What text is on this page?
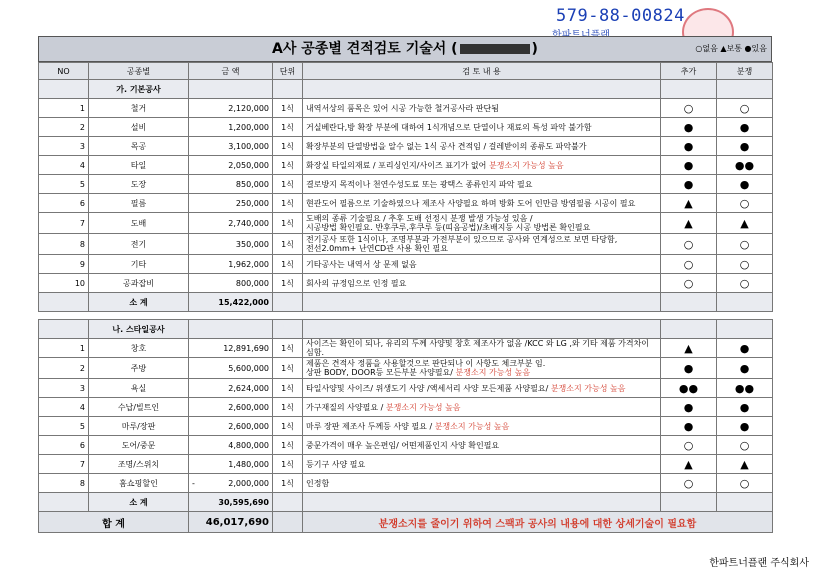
579-88-00824
A사 공종별 견적검토 기술서 (	)	○없음 ▲보통 ●있음
NO	공종별	금 액	단위	검 토 내 용	추가	분쟁
	가. 기본공사					
1	철거	2,120,000	1식	내역서상의 품목은 있어 시공 가능한 철거공사라 판단됨	○	○
2	설비	1,200,000	1식	거실베란다,방 확장 부분에 대하여 1식개념으로 단열이나 재료의 특성 파악 불가함	●	●
3	목공	3,100,000	1식	확장부분의 단열방법을 알수 없는 1식 공사 견적임 / 걸레받이의 종류도 파악불가	●	●
4	타일	2,050,000	1식	화장실 타일의재료 / 포리싱인지/사이즈 표기가 없어 분쟁소지 가능성 높음	●	●●
5	도장	850,000	1식	결로방지 목적이나 천연수성도료 또는 광택스 종류인지 파악 필요	●	●
6	필름	250,000	1식	현관도어 필름으로 기술하였으나 제조사 사양필요 하며 방화 도어 인만큼 방염필름 시공이 필요	▲	○
7	도배	2,740,000	1식	도배의 종류 기술필요 / 추후 도배 선정시 분쟁 발생 가능성 있음 /
시공방법 확인필요. 반후쿠루,후쿠루 등(띠음공법)/초배지등 시공 방법론 확인필요	▲	▲
8	전기	350,000	1식	전기공사 또한 1식이나, 조명부분과 가전부분이 있으므로 공사와 연계성으로 보면 타당함,
전선2.0mm+ 난연CD관 사용 확인 필요	○	○
9	기타	1,962,000	1식	기타공사는 내역서 상 문제 없음	○	○
10	공과잡비	800,000	1식	회사의 규정임으로 인정 필요	○	○
	소 계	15,422,000				

	나. 스타일공사					
1	창호	12,891,690	1식	사이즈는 확인이 되나, 유리의 두께 사양및 창호 제조사가 없음 /KCC 와 LG ,와 기타 제품 가격차이 심함.	▲	●
2	주방	5,600,000	1식	제품은 견적사 정품을 사용할것으로 판단되나 이 사항도 체크부분 임.
상판 BODY, DOOR등 모든부분 사양필요/ 분쟁소지 가능성 높음	●	●
3	욕실	2,624,000	1식	타일사양및 사이즈/ 위생도기 사양 /액세서리 사양 모든제품 사양필요/ 분쟁소지 가능성 높음	●●	●●
4	수납/빌트인	2,600,000	1식	가구재질의 사양필요 / 분쟁소지 가능성 높음	●	●
5	마루/장판	2,600,000	1식	마루 장판 제조사 두께등 사양 필요 / 분쟁소지 가능성 높음	●	●
6	도어/중문	4,800,000	1식	중문가격이 매우 높은편임/ 어떤제품인지 사양 확인필요	○	○
7	조명/스위치	1,480,000	1식	등기구 사양 필요	▲	▲
8	홈쇼핑할인	- 2,000,000	1식	인정함	○	○
	소 계	30,595,690				
합 계		46,017,690		분쟁소지를 줄이기 위하여 스팩과 공사의 내용에 대한 상세기술이 필요함		
한파트너플랜 주식회사
